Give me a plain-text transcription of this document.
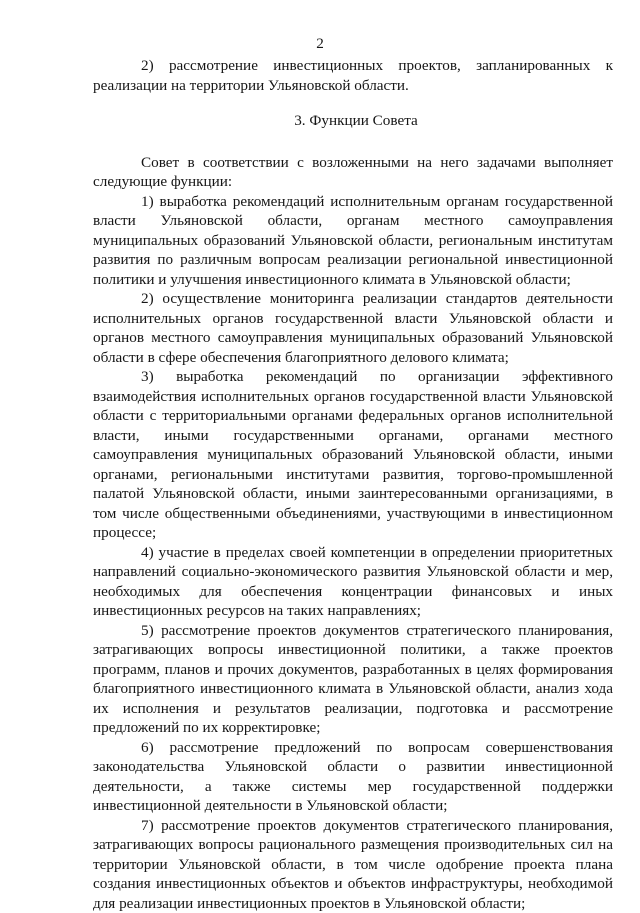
2

2) рассмотрение инвестиционных проектов, запланированных к реализации на территории Ульяновской области.

3. Функции Совета

Совет в соответствии с возложенными на него задачами выполняет следующие функции:

1) выработка рекомендаций исполнительным органам государственной власти Ульяновской области, органам местного самоуправления муниципальных образований Ульяновской области, региональным институтам развития по различным вопросам реализации региональной инвестиционной политики и улучшения инвестиционного климата в Ульяновской области;

2) осуществление мониторинга реализации стандартов деятельности исполнительных органов государственной власти Ульяновской области и органов местного самоуправления муниципальных образований Ульяновской области в сфере обеспечения благоприятного делового климата;

3) выработка рекомендаций по организации эффективного взаимодействия исполнительных органов государственной власти Ульяновской области с территориальными органами федеральных органов исполнительной власти, иными государственными органами, органами местного самоуправления муниципальных образований Ульяновской области, иными органами, региональными институтами развития, торгово-промышленной палатой Ульяновской области, иными заинтересованными организациями, в том числе общественными объединениями, участвующими в инвестиционном процессе;

4) участие в пределах своей компетенции в определении приоритетных направлений социально-экономического развития Ульяновской области и мер, необходимых для обеспечения концентрации финансовых и иных инвестиционных ресурсов на таких направлениях;

5) рассмотрение проектов документов стратегического планирования, затрагивающих вопросы инвестиционной политики, а также проектов программ, планов и прочих документов, разработанных в целях формирования благоприятного инвестиционного климата в Ульяновской области, анализ хода их исполнения и результатов реализации, подготовка и рассмотрение предложений по их корректировке;

6) рассмотрение предложений по вопросам совершенствования законодательства Ульяновской области о развитии инвестиционной деятельности, а также системы мер государственной поддержки инвестиционной деятельности в Ульяновской области;

7) рассмотрение проектов документов стратегического планирования, затрагивающих вопросы рационального размещения производительных сил на территории Ульяновской области, в том числе одобрение проекта плана создания инвестиционных объектов и объектов инфраструктуры, необходимой для реализации инвестиционных проектов в Ульяновской области;
